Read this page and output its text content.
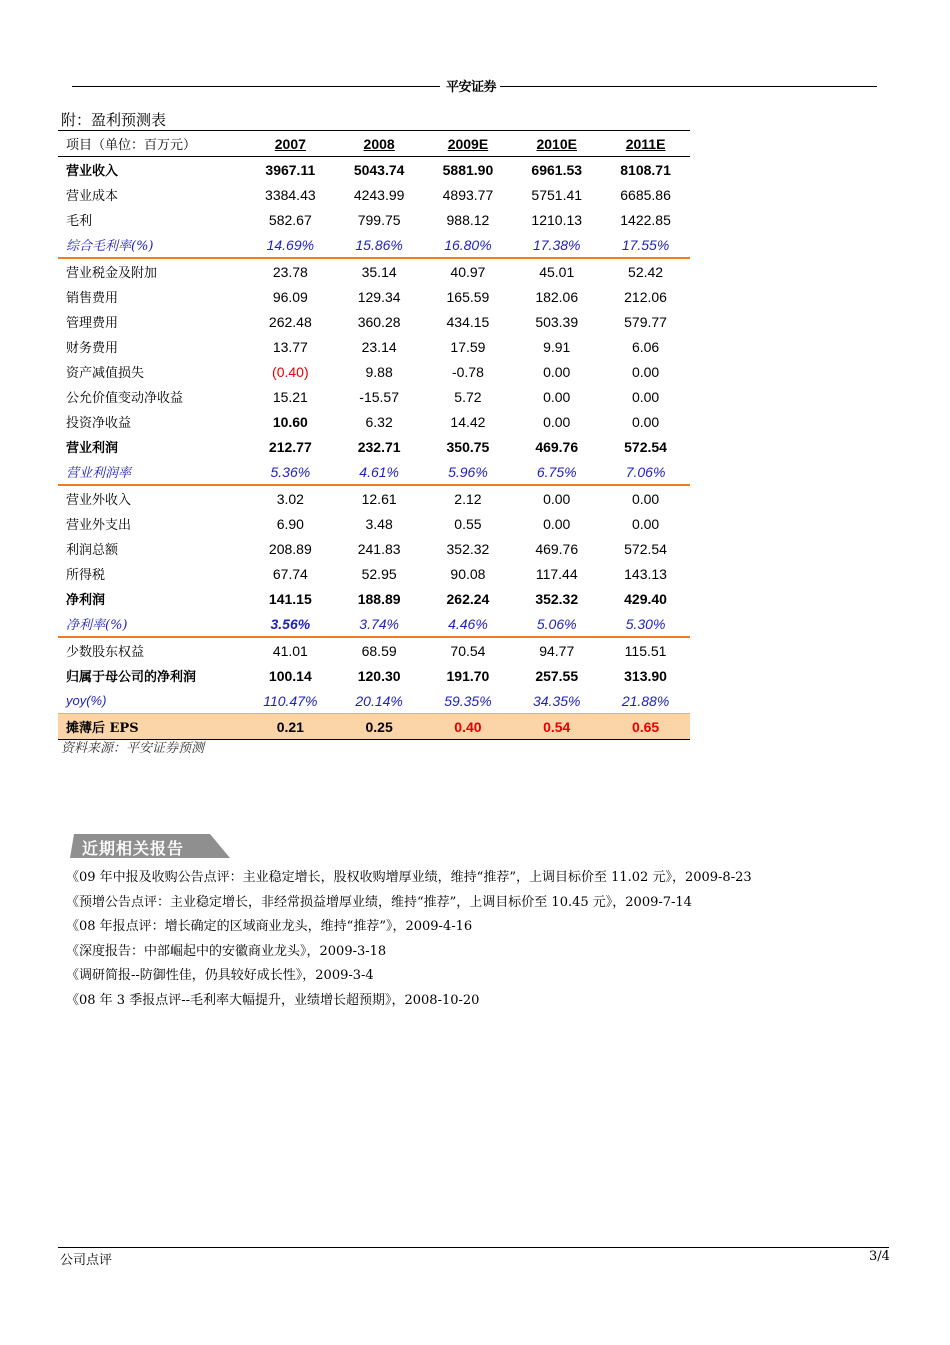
平安证券
附：盈利预测表
项目（单位：百万元）	2007	2008	2009E	2010E	2011E
营业收入	3967.11	5043.74	5881.90	6961.53	8108.71
营业成本	3384.43	4243.99	4893.77	5751.41	6685.86
毛利	582.67	799.75	988.12	1210.13	1422.85
综合毛利率(%)	14.69%	15.86%	16.80%	17.38%	17.55%
营业税金及附加	23.78	35.14	40.97	45.01	52.42
销售费用	96.09	129.34	165.59	182.06	212.06
管理费用	262.48	360.28	434.15	503.39	579.77
财务费用	13.77	23.14	17.59	9.91	6.06
资产减值损失	(0.40)	9.88	-0.78	0.00	0.00
公允价值变动净收益	15.21	-15.57	5.72	0.00	0.00
投资净收益	10.60	6.32	14.42	0.00	0.00
营业利润	212.77	232.71	350.75	469.76	572.54
营业利润率	5.36%	4.61%	5.96%	6.75%	7.06%
营业外收入	3.02	12.61	2.12	0.00	0.00
营业外支出	6.90	3.48	0.55	0.00	0.00
利润总额	208.89	241.83	352.32	469.76	572.54
所得税	67.74	52.95	90.08	117.44	143.13
净利润	141.15	188.89	262.24	352.32	429.40
净利率(%)	3.56%	3.74%	4.46%	5.06%	5.30%
少数股东权益	41.01	68.59	70.54	94.77	115.51
归属于母公司的净利润	100.14	120.30	191.70	257.55	313.90
yoy(%)	110.47%	20.14%	59.35%	34.35%	21.88%
摊薄后 EPS	0.21	0.25	0.40	0.54	0.65
资料来源：平安证券预测
近期相关报告
《09 年中报及收购公告点评：主业稳定增长，股权收购增厚业绩，维持“推荐”，上调目标价至 11.02 元》，2009-8-23
《预增公告点评：主业稳定增长，非经常损益增厚业绩，维持“推荐”，上调目标价至 10.45 元》，2009-7-14
《08 年报点评：增长确定的区域商业龙头，维持“推荐”》，2009-4-16
《深度报告：中部崛起中的安徽商业龙头》，2009-3-18
《调研简报--防御性佳，仍具较好成长性》，2009-3-4
《08 年 3 季报点评--毛利率大幅提升，业绩增长超预期》，2008-10-20
公司点评	3/4
